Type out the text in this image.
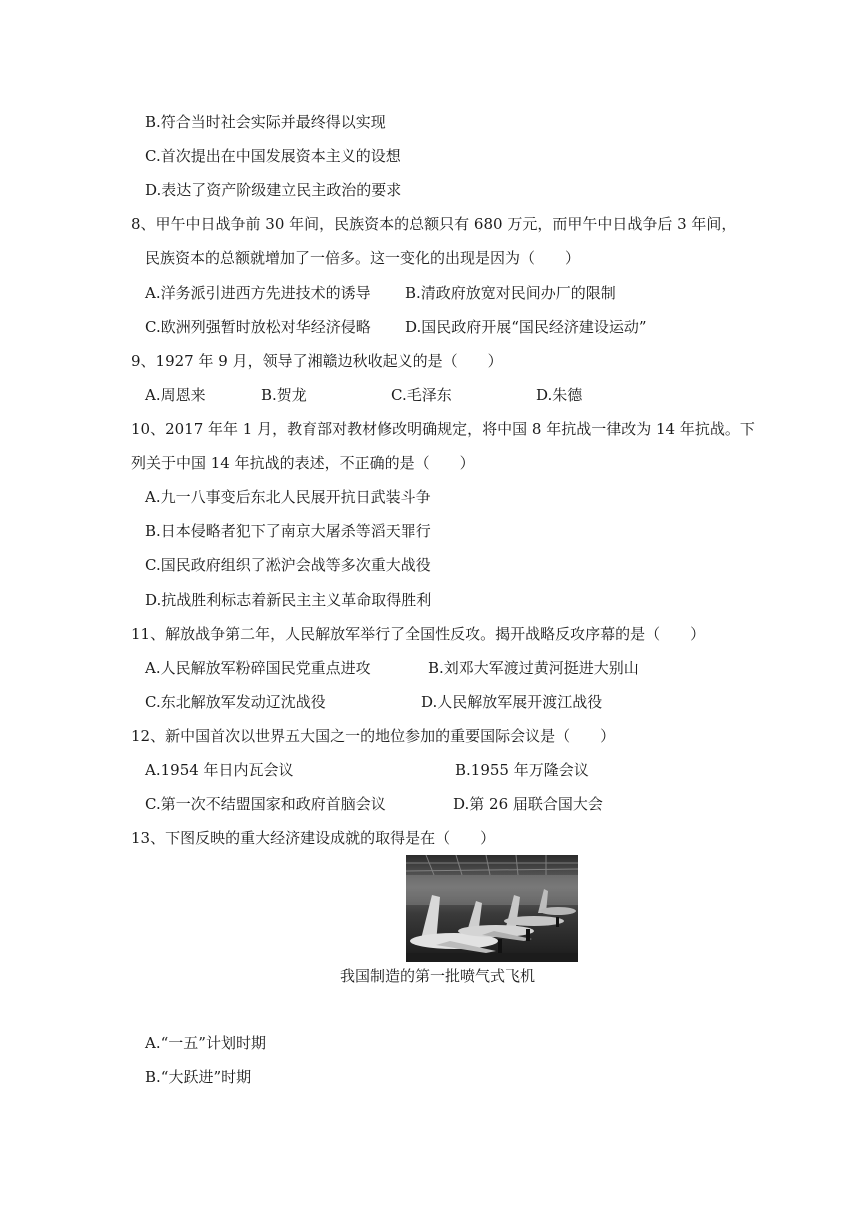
B.符合当时社会实际并最终得以实现
C.首次提出在中国发展资本主义的设想
D.表达了资产阶级建立民主政治的要求
8、甲午中日战争前 30 年间，民族资本的总额只有 680 万元，而甲午中日战争后 3 年间，
民族资本的总额就增加了一倍多。这一变化的出现是因为（　　）
A.洋务派引进西方先进技术的诱导 B.清政府放宽对民间办厂的限制
C.欧洲列强暂时放松对华经济侵略 D.国民政府开展“国民经济建设运动”
9、1927 年 9 月，领导了湘赣边秋收起义的是（　　）
A.周恩来	B.贺龙	C.毛泽东	D.朱德
10、2017 年年 1 月，教育部对教材修改明确规定，将中国 8 年抗战一律改为 14 年抗战。下
列关于中国 14 年抗战的表述，不正确的是（　　）
A.九一八事变后东北人民展开抗日武装斗争
B.日本侵略者犯下了南京大屠杀等滔天罪行
C.国民政府组织了淞沪会战等多次重大战役
D.抗战胜利标志着新民主主义革命取得胜利
11、解放战争第二年，人民解放军举行了全国性反攻。揭开战略反攻序幕的是（　　）
A.人民解放军粉碎国民党重点进攻	B.刘邓大军渡过黄河挺进大别山
C.东北解放军发动辽沈战役	D.人民解放军展开渡江战役
12、新中国首次以世界五大国之一的地位参加的重要国际会议是（　　）
A.1954 年日内瓦会议	B.1955 年万隆会议
C.第一次不结盟国家和政府首脑会议	D.第 26 届联合国大会
13、下图反映的重大经济建设成就的取得是在（　　）
我国制造的第一批喷气式飞机
A.“一五”计划时期
B.“大跃进”时期
